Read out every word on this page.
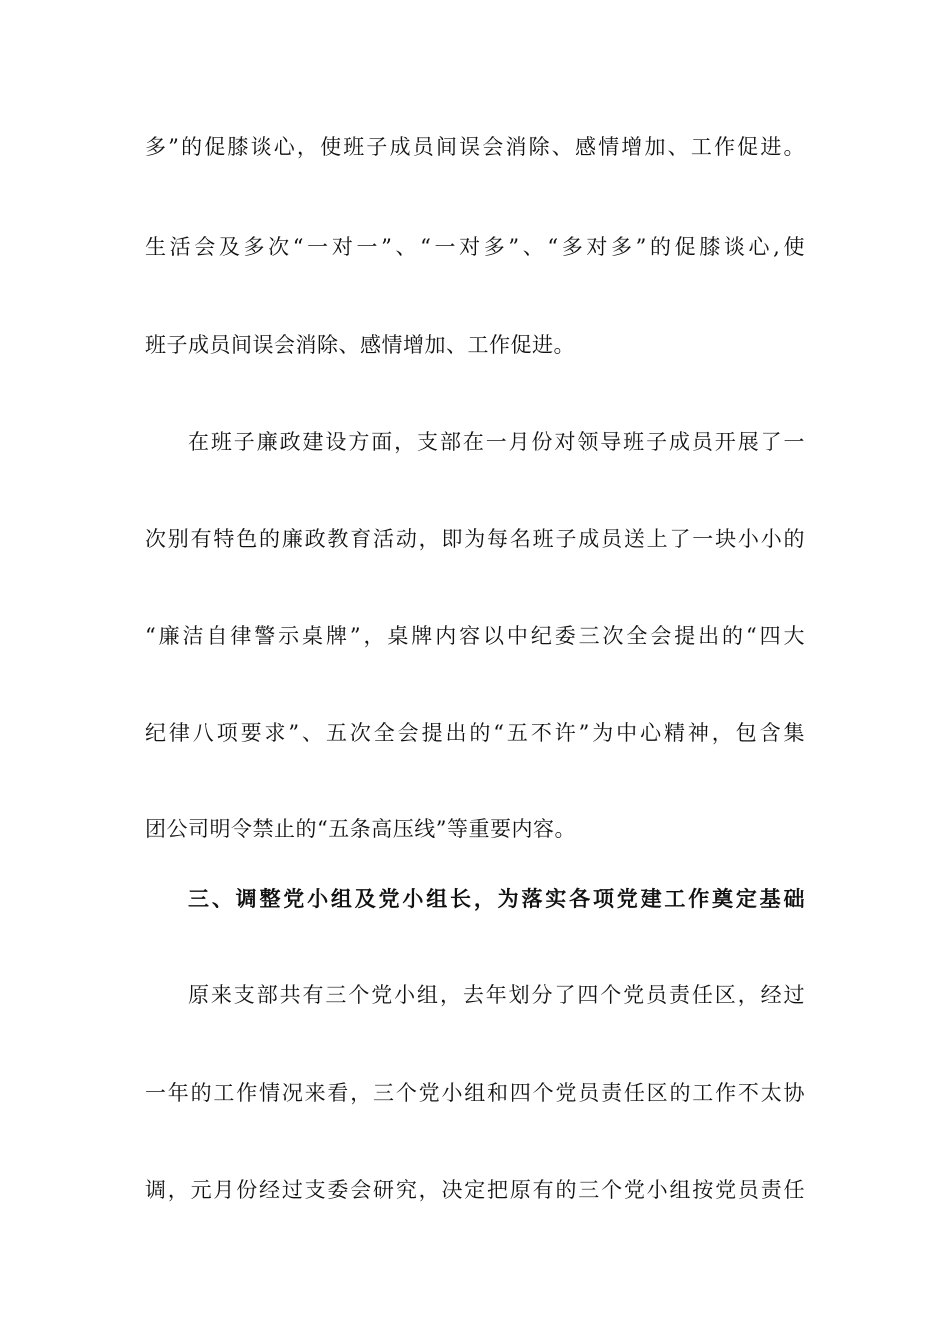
多”的促膝谈心，使班子成员间误会消除、感情增加、工作促进。
生活会及多次“一对一”、“一对多”、“多对多”的促膝谈心,使
班子成员间误会消除、感情增加、工作促进。
在班子廉政建设方面，支部在一月份对领导班子成员开展了一
次别有特色的廉政教育活动，即为每名班子成员送上了一块小小的
“廉洁自律警示桌牌”，桌牌内容以中纪委三次全会提出的“四大
纪律八项要求”、五次全会提出的“五不许”为中心精神，包含集
团公司明令禁止的“五条高压线”等重要内容。
三、调整党小组及党小组长，为落实各项党建工作奠定基础
原来支部共有三个党小组，去年划分了四个党员责任区，经过
一年的工作情况来看，三个党小组和四个党员责任区的工作不太协
调，元月份经过支委会研究，决定把原有的三个党小组按党员责任
